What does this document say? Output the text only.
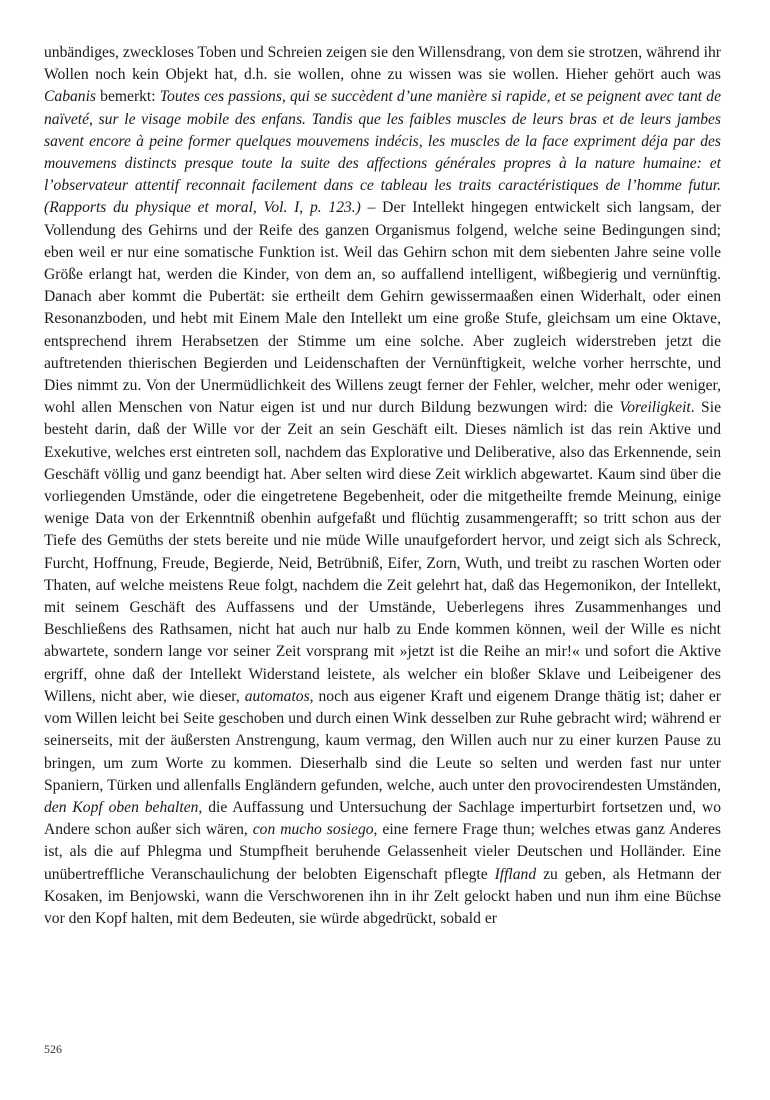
unbändiges, zweckloses Toben und Schreien zeigen sie den Willensdrang, von dem sie strotzen, während ihr Wollen noch kein Objekt hat, d.h. sie wollen, ohne zu wissen was sie wollen. Hieher gehört auch was Cabanis bemerkt: Toutes ces passions, qui se succèdent d’une manière si rapide, et se peignent avec tant de naïveté, sur le visage mobile des enfans. Tandis que les faibles muscles de leurs bras et de leurs jambes savent encore à peine former quelques mouvemens indécis, les muscles de la face expriment déja par des mouvemens distincts presque toute la suite des affections générales propres à la nature humaine: et l’observateur attentif reconnait facilement dans ce tableau les traits caractéristiques de l’homme futur. (Rapports du physique et moral, Vol. I, p. 123.) – Der Intellekt hingegen entwickelt sich langsam, der Vollendung des Gehirns und der Reife des ganzen Organismus folgend, welche seine Bedingungen sind; eben weil er nur eine somatische Funktion ist. Weil das Gehirn schon mit dem siebenten Jahre seine volle Größe erlangt hat, werden die Kinder, von dem an, so auffallend intelligent, wißbegierig und vernünftig. Danach aber kommt die Pubertät: sie ertheilt dem Gehirn gewissermaaßen einen Widerhalt, oder einen Resonanzboden, und hebt mit Einem Male den Intellekt um eine große Stufe, gleichsam um eine Oktave, entsprechend ihrem Herabsetzen der Stimme um eine solche. Aber zugleich widerstreben jetzt die auftretenden thierischen Begierden und Leidenschaften der Vernünftigkeit, welche vorher herrschte, und Dies nimmt zu. Von der Unermüdlichkeit des Willens zeugt ferner der Fehler, welcher, mehr oder weniger, wohl allen Menschen von Natur eigen ist und nur durch Bildung bezwungen wird: die Voreiligkeit. Sie besteht darin, daß der Wille vor der Zeit an sein Geschäft eilt. Dieses nämlich ist das rein Aktive und Exekutive, welches erst eintreten soll, nachdem das Explorative und Deliberative, also das Erkennende, sein Geschäft völlig und ganz beendigt hat. Aber selten wird diese Zeit wirklich abgewartet. Kaum sind über die vorliegenden Umstände, oder die eingetretene Begebenheit, oder die mitgetheilte fremde Meinung, einige wenige Data von der Erkenntniß obenhin aufgefaßt und flüchtig zusammengerafft; so tritt schon aus der Tiefe des Gemüths der stets bereite und nie müde Wille unaufgefordert hervor, und zeigt sich als Schreck, Furcht, Hoffnung, Freude, Begierde, Neid, Betrübniß, Eifer, Zorn, Wuth, und treibt zu raschen Worten oder Thaten, auf welche meistens Reue folgt, nachdem die Zeit gelehrt hat, daß das Hegemonikon, der Intellekt, mit seinem Geschäft des Auffassens und der Umstände, Ueberlegens ihres Zusammenhanges und Beschließens des Rathsamen, nicht hat auch nur halb zu Ende kommen können, weil der Wille es nicht abwartete, sondern lange vor seiner Zeit vorsprang mit »jetzt ist die Reihe an mir!« und sofort die Aktive ergriff, ohne daß der Intellekt Widerstand leistete, als welcher ein bloßer Sklave und Leibeigener des Willens, nicht aber, wie dieser, automatos, noch aus eigener Kraft und eigenem Drange thätig ist; daher er vom Willen leicht bei Seite geschoben und durch einen Wink desselben zur Ruhe gebracht wird; während er seinerseits, mit der äußersten Anstrengung, kaum vermag, den Willen auch nur zu einer kurzen Pause zu bringen, um zum Worte zu kommen. Dieserhalb sind die Leute so selten und werden fast nur unter Spaniern, Türken und allenfalls Engländern gefunden, welche, auch unter den provocirendesten Umständen, den Kopf oben behalten, die Auffassung und Untersuchung der Sachlage imperturbirt fortsetzen und, wo Andere schon außer sich wären, con mucho sosiego, eine fernere Frage thun; welches etwas ganz Anderes ist, als die auf Phlegma und Stumpfheit beruhende Gelassenheit vieler Deutschen und Holländer. Eine unübertreffliche Veranschaulichung der belobten Eigenschaft pflegte Iffland zu geben, als Hetmann der Kosaken, im Benjowski, wann die Verschworenen ihn in ihr Zelt gelockt haben und nun ihm eine Büchse vor den Kopf halten, mit dem Bedeuten, sie würde abgedrückt, sobald er

526
